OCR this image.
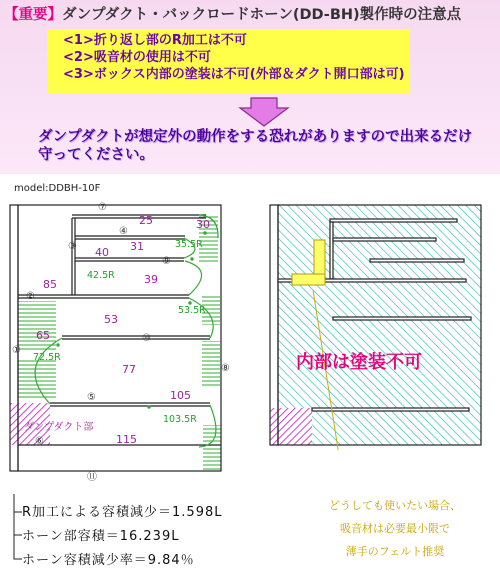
【重要】ダンプダクト・バックロードホーン(DD-BH)製作時の注意点
<1>折り返し部のR加工は不可
<2>吸音材の使用は不可
<3>ボックス内部の塗装は不可(外部＆ダクト開口部は可)
ダンプダクトが想定外の動作をする恐れがありますので出来るだけ守ってください。
model:DDBH-10F
①
②
③
④
⑤
⑥
⑦
⑧
⑨
⑩
⑪
25	30
40 31
39
85
53
65
77
105
115
35.5R
42.5R
53.5R
72.5R
103.5R
ダンプダクト部
内部は塗装不可
R加工による容積減少＝1.598L
ホーン部容積＝16.239L
ホーン容積減少率＝9.84％
どうしても使いたい場合、
吸音材は必要最小限で
薄手のフェルト推奨
